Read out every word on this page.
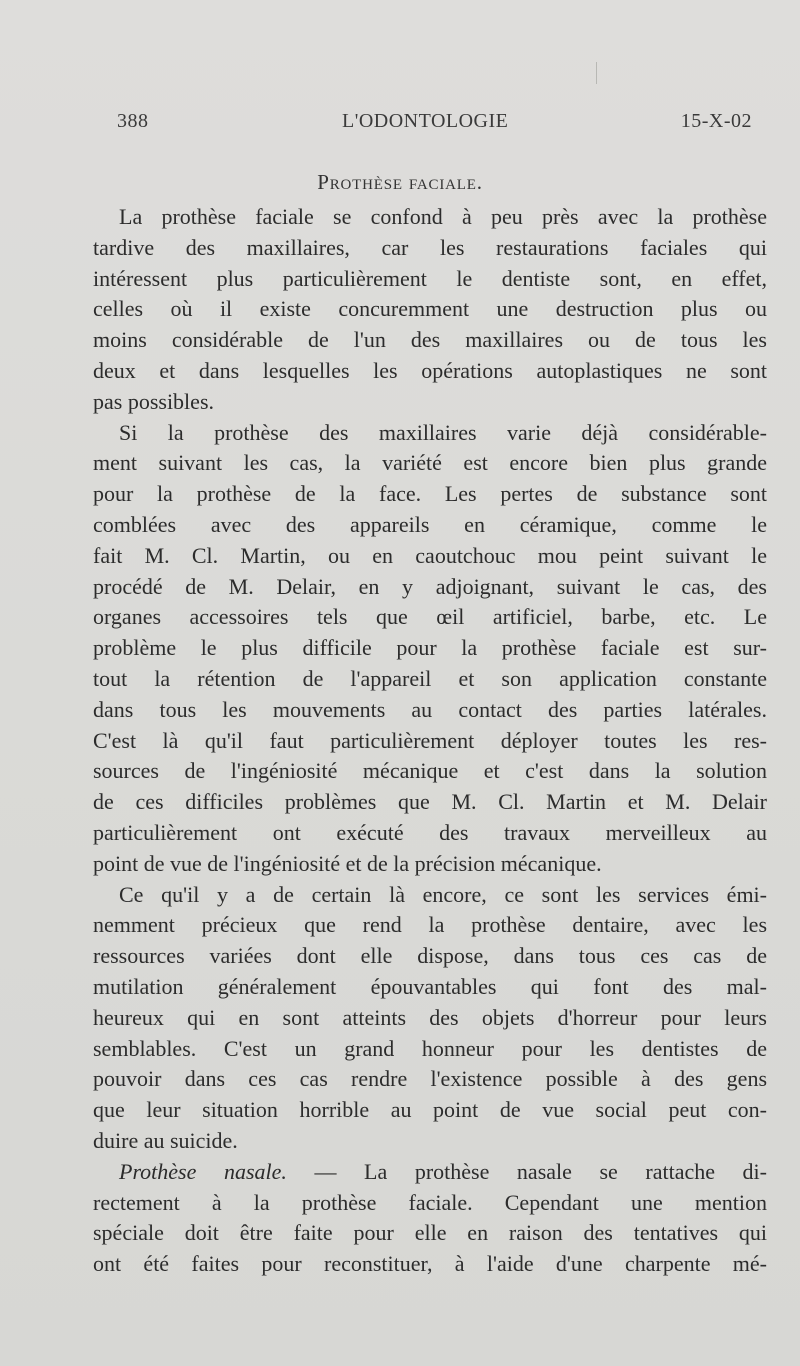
388	L'ODONTOLOGIE	15-X-02
Prothèse faciale.

La prothèse faciale se confond à peu près avec la prothèse
tardive des maxillaires, car les restaurations faciales qui
intéressent plus particulièrement le dentiste sont, en effet,
celles où il existe concuremment une destruction plus ou
moins considérable de l'un des maxillaires ou de tous les
deux et dans lesquelles les opérations autoplastiques ne sont
pas possibles.

Si la prothèse des maxillaires varie déjà considérable-
ment suivant les cas, la variété est encore bien plus grande
pour la prothèse de la face. Les pertes de substance sont
comblées avec des appareils en céramique, comme le
fait M. Cl. Martin, ou en caoutchouc mou peint suivant le
procédé de M. Delair, en y adjoignant, suivant le cas, des
organes accessoires tels que œil artificiel, barbe, etc. Le
problème le plus difficile pour la prothèse faciale est sur-
tout la rétention de l'appareil et son application constante
dans tous les mouvements au contact des parties latérales.
C'est là qu'il faut particulièrement déployer toutes les res-
sources de l'ingéniosité mécanique et c'est dans la solution
de ces difficiles problèmes que M. Cl. Martin et M. Delair
particulièrement ont exécuté des travaux merveilleux au
point de vue de l'ingéniosité et de la précision mécanique.

Ce qu'il y a de certain là encore, ce sont les services émi-
nemment précieux que rend la prothèse dentaire, avec les
ressources variées dont elle dispose, dans tous ces cas de
mutilation généralement épouvantables qui font des mal-
heureux qui en sont atteints des objets d'horreur pour leurs
semblables. C'est un grand honneur pour les dentistes de
pouvoir dans ces cas rendre l'existence possible à des gens
que leur situation horrible au point de vue social peut con-
duire au suicide.

Prothèse nasale. — La prothèse nasale se rattache di-
rectement à la prothèse faciale. Cependant une mention
spéciale doit être faite pour elle en raison des tentatives qui
ont été faites pour reconstituer, à l'aide d'une charpente mé-
